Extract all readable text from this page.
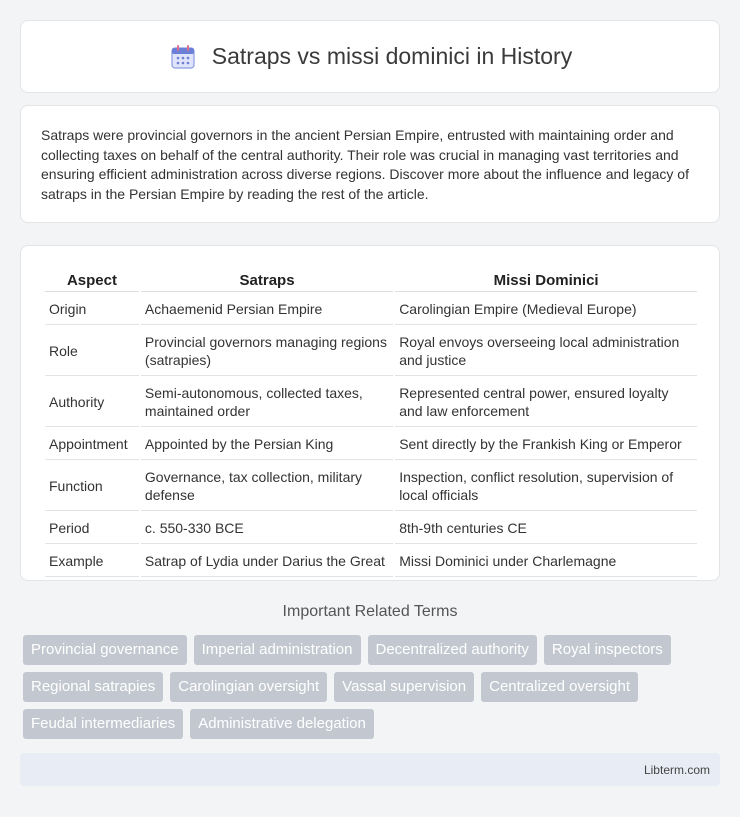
Satraps vs missi dominici in History

Satraps were provincial governors in the ancient Persian Empire, entrusted with maintaining order and collecting taxes on behalf of the central authority. Their role was crucial in managing vast territories and ensuring efficient administration across diverse regions. Discover more about the influence and legacy of satraps in the Persian Empire by reading the rest of the article.

Aspect	Satraps	Missi Dominici
Origin	Achaemenid Persian Empire	Carolingian Empire (Medieval Europe)
Role	Provincial governors managing regions (satrapies)	Royal envoys overseeing local administration and justice
Authority	Semi-autonomous, collected taxes, maintained order	Represented central power, ensured loyalty and law enforcement
Appointment	Appointed by the Persian King	Sent directly by the Frankish King or Emperor
Function	Governance, tax collection, military defense	Inspection, conflict resolution, supervision of local officials
Period	c. 550-330 BCE	8th-9th centuries CE
Example	Satrap of Lydia under Darius the Great	Missi Dominici under Charlemagne
Important Related Terms
Provincial governance	Imperial administration	Decentralized authority	Royal inspectors
Regional satrapies	Carolingian oversight	Vassal supervision	Centralized oversight
Feudal intermediaries	Administrative delegation
Libterm.com
